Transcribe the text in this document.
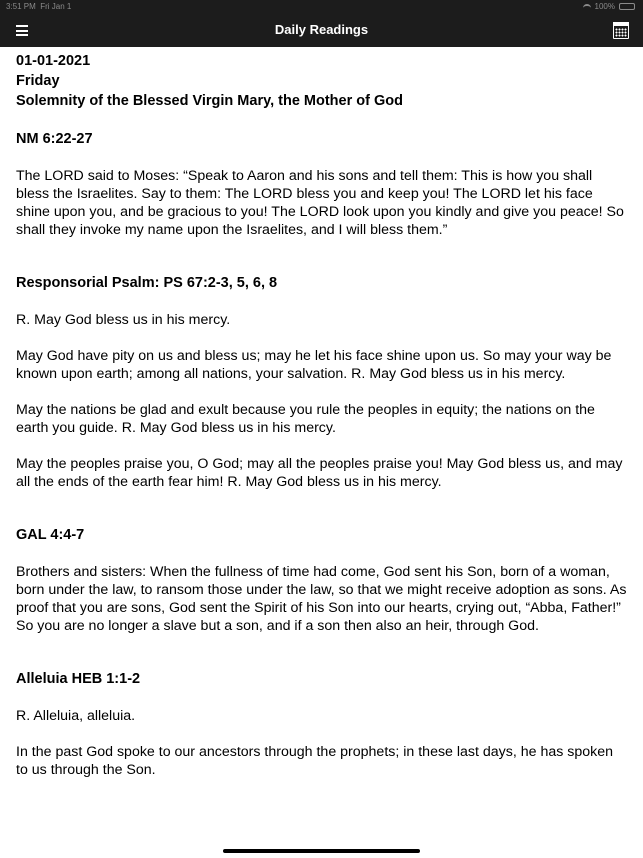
3:51 PM Fri Jan 1	100%
Daily Readings

01-01-2021

Friday

Solemnity of the Blessed Virgin Mary, the Mother of God

NM 6:22-27

The LORD said to Moses: “Speak to Aaron and his sons and tell them: This is how you shall bless the Israelites. Say to them: The LORD bless you and keep you! The LORD let his face shine upon you, and be gracious to you! The LORD look upon you kindly and give you peace! So shall they invoke my name upon the Israelites, and I will bless them.”

Responsorial Psalm: PS 67:2-3, 5, 6, 8

R. May God bless us in his mercy.

May God have pity on us and bless us; may he let his face shine upon us. So may your way be known upon earth; among all nations, your salvation. R. May God bless us in his mercy.

May the nations be glad and exult because you rule the peoples in equity; the nations on the earth you guide. R. May God bless us in his mercy.

May the peoples praise you, O God; may all the peoples praise you! May God bless us, and may all the ends of the earth fear him! R. May God bless us in his mercy.

GAL 4:4-7

Brothers and sisters: When the fullness of time had come, God sent his Son, born of a woman, born under the law, to ransom those under the law, so that we might receive adoption as sons. As proof that you are sons, God sent the Spirit of his Son into our hearts, crying out, “Abba, Father!” So you are no longer a slave but a son, and if a son then also an heir, through God.

Alleluia HEB 1:1-2

R. Alleluia, alleluia.

In the past God spoke to our ancestors through the prophets; in these last days, he has spoken to us through the Son.
